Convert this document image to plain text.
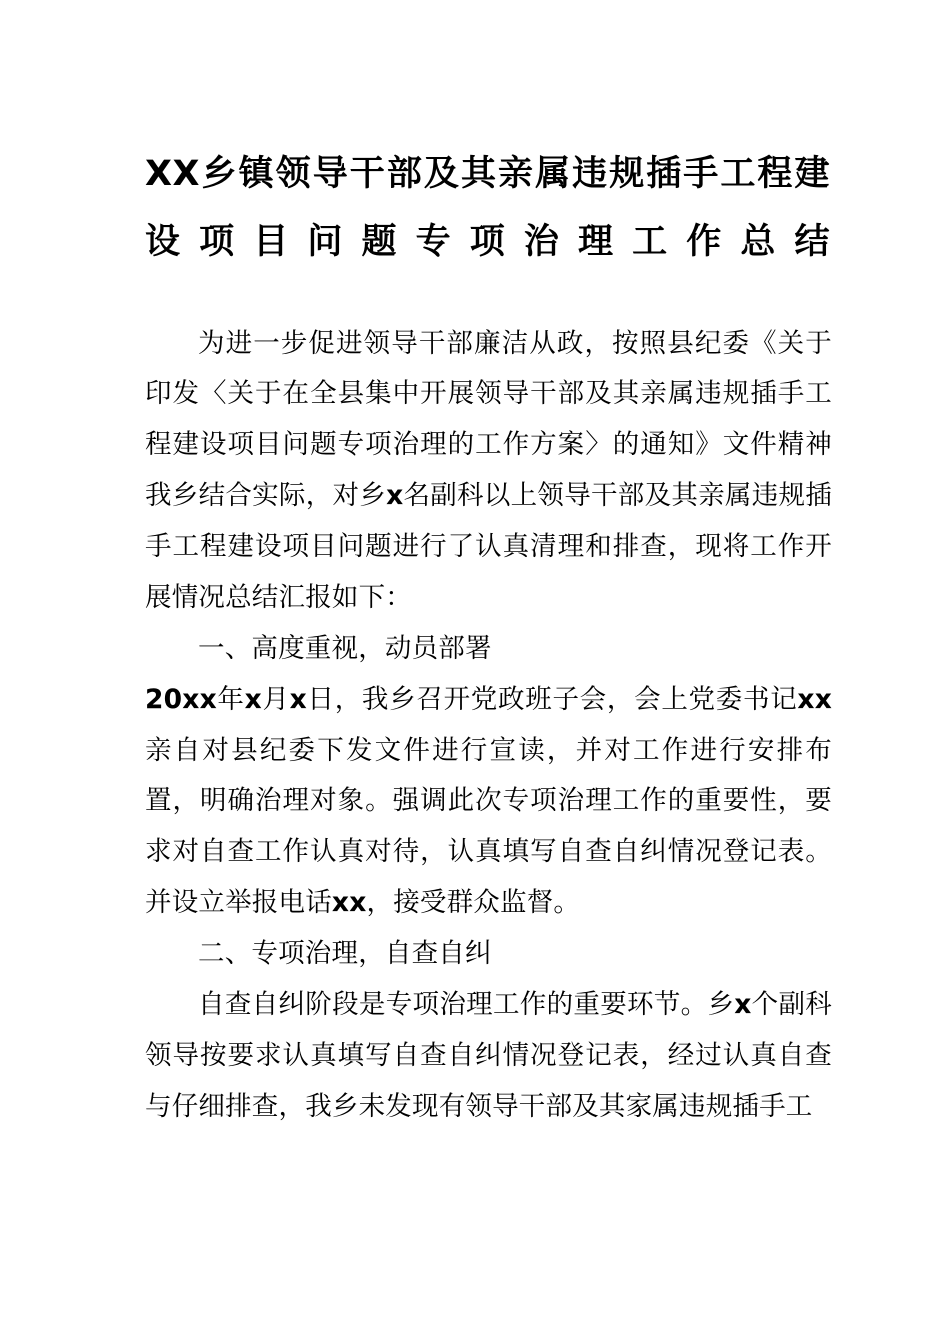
XX乡镇领导干部及其亲属违规插手工程建设项目问题专项治理工作总结

为进一步促进领导干部廉洁从政，按照县纪委《关于印发〈关于在全县集中开展领导干部及其亲属违规插手工程建设项目问题专项治理的工作方案〉的通知》文件精神我乡结合实际，对乡x名副科以上领导干部及其亲属违规插手工程建设项目问题进行了认真清理和排查，现将工作开展情况总结汇报如下：

一、高度重视，动员部署

20xx年x月x日，我乡召开党政班子会，会上党委书记xx亲自对县纪委下发文件进行宣读，并对工作进行安排布置，明确治理对象。强调此次专项治理工作的重要性，要求对自查工作认真对待，认真填写自查自纠情况登记表。并设立举报电话xx，接受群众监督。

二、专项治理，自查自纠

自查自纠阶段是专项治理工作的重要环节。乡x个副科领导按要求认真填写自查自纠情况登记表，经过认真自查与仔细排查，我乡未发现有领导干部及其家属违规插手工
